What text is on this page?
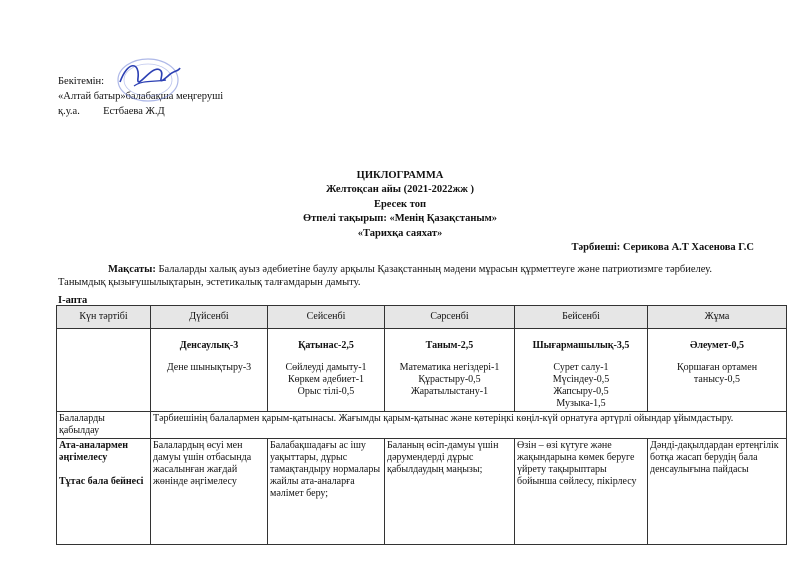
Бекітемін:
«Алтай батыр»балабақша меңгерушi
қ.у.а. Естбаева Ж.Д
ЦИКЛОГРАММА
Желтоқсан айы (2021-2022жж )
Ересек топ
Өтпелі тақырып: «Менің Қазақстаным»
«Тарихқа саяхат»
Тәрбиеші: Серикова А.Т Хасенова Г.С
Мақсаты: Балаларды халық ауыз әдебиетіне баулу арқылы Қазақстанның мәдени мұрасын құрметтеуге және патриотизмге тәрбиелеу.
Танымдық қызығушылықтарын, эстетикалық талғамдарын дамыту.
І-апта
Күн тәртібі	Дүйсенбі	Сейсенбі	Сәрсенбі	Бейсенбі	Жұма

	Денсаулық-3
Дене шынықтыру-3	Қатынас-2,5
Сөйлеуді дамыту-1
Көркем әдебиет-1
Орыс тілі-0,5	Таным-2,5
Математика негіздері-1
Құрастыру-0,5
Жаратылыстану-1	Шығармашылық-3,5
Сурет салу-1
Мүсіндеу-0,5
Жапсыру-0,5
Музыка-1,5	Әлеумет-0,5
Қоршаған ортамен
танысу-0,5

Балаларды
қабылдау	Тәрбиешінің балалармен қарым-қатынасы. Жағымды қарым-қатынас және көтеріңкі көңіл-күй орнатуға әртүрлі ойындар ұйымдастыру.				

Ата-аналармен
әңгімелесу
Тұтас бала бейнесі	Балалардың өсуі мен дамуы үшін отбасында жасалынған жағдай жөнінде әңгімелесу	Балабақшадағы ас ішу уақыттары, дұрыс тамақтандыру нормалары жайлы ата-аналарға мәлімет беру;	Баланың өсіп-дамуы үшін дәрумендерді дұрыс қабылдаудың маңызы;	Өзін – өзі күтуге және жақындарына көмек беруге үйрету тақырыптары бойынша сөйлесу, пікірлесу	Дәнді-дақылдардан ертеңгілік ботқа жасап берудің бала денсаулығына пайдасы
